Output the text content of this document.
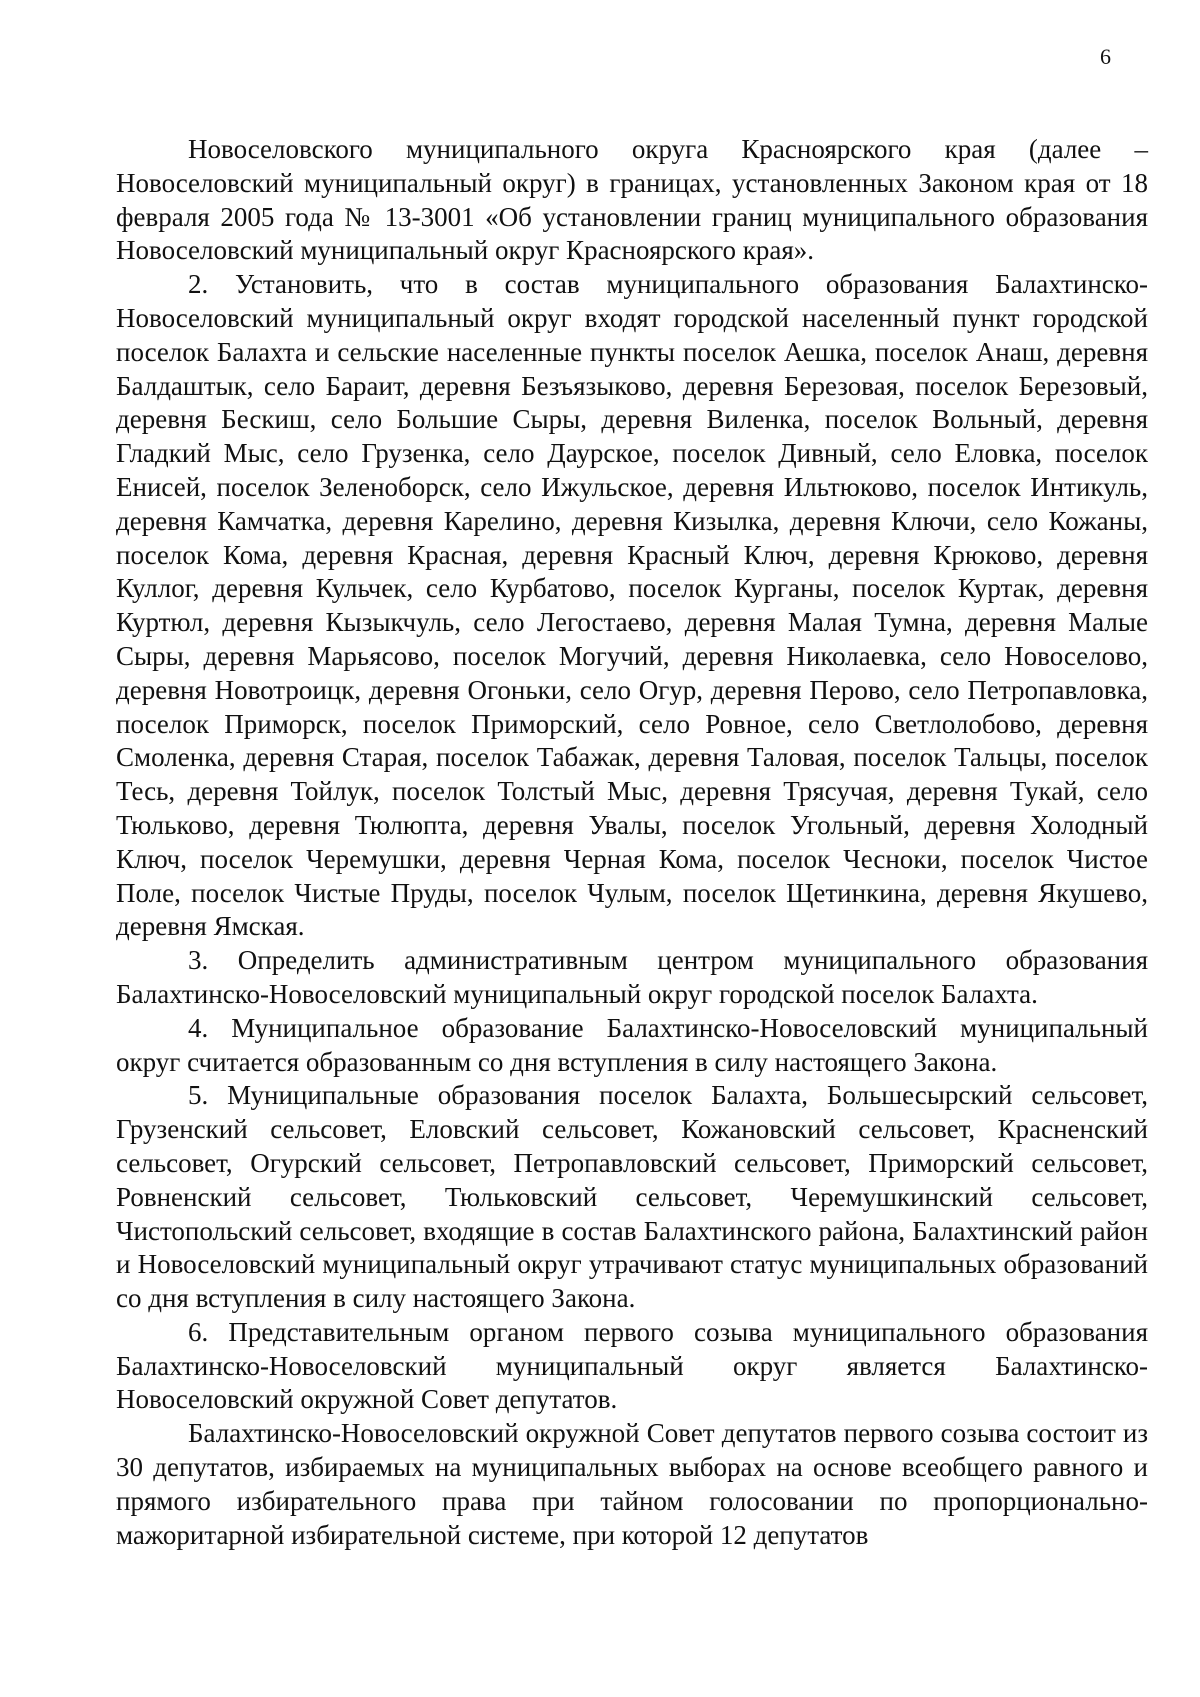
6

Новоселовского муниципального округа Красноярского края (далее – Новоселовский муниципальный округ) в границах, установленных Законом края от 18 февраля 2005 года № 13-3001 «Об установлении границ муниципального образования Новоселовский муниципальный округ Красноярского края».

2. Установить, что в состав муниципального образования Балахтинско-Новоселовский муниципальный округ входят городской населенный пункт городской поселок Балахта и сельские населенные пункты поселок Аешка, поселок Анаш, деревня Балдаштык, село Бараит, деревня Безъязыково, деревня Березовая, поселок Березовый, деревня Бескиш, село Большие Сыры, деревня Виленка, поселок Вольный, деревня Гладкий Мыс, село Грузенка, село Даурское, поселок Дивный, село Еловка, поселок Енисей, поселок Зеленоборск, село Ижульское, деревня Ильтюково, поселок Интикуль, деревня Камчатка, деревня Карелино, деревня Кизылка, деревня Ключи, село Кожаны, поселок Кома, деревня Красная, деревня Красный Ключ, деревня Крюково, деревня Куллог, деревня Кульчек, село Курбатово, поселок Курганы, поселок Куртак, деревня Куртюл, деревня Кызыкчуль, село Легостаево, деревня Малая Тумна, деревня Малые Сыры, деревня Марьясово, поселок Могучий, деревня Николаевка, село Новоселово, деревня Новотроицк, деревня Огоньки, село Огур, деревня Перово, село Петропавловка, поселок Приморск, поселок Приморский, село Ровное, село Светлолобово, деревня Смоленка, деревня Старая, поселок Табажак, деревня Таловая, поселок Тальцы, поселок Тесь, деревня Тойлук, поселок Толстый Мыс, деревня Трясучая, деревня Тукай, село Тюльково, деревня Тюлюпта, деревня Увалы, поселок Угольный, деревня Холодный Ключ, поселок Черемушки, деревня Черная Кома, поселок Чесноки, поселок Чистое Поле, поселок Чистые Пруды, поселок Чулым, поселок Щетинкина, деревня Якушево, деревня Ямская.

3. Определить административным центром муниципального образования Балахтинско-Новоселовский муниципальный округ городской поселок Балахта.

4. Муниципальное образование Балахтинско-Новоселовский муниципальный округ считается образованным со дня вступления в силу настоящего Закона.

5. Муниципальные образования поселок Балахта, Большесырский сельсовет, Грузенский сельсовет, Еловский сельсовет, Кожановский сельсовет, Красненский сельсовет, Огурский сельсовет, Петропавловский сельсовет, Приморский сельсовет, Ровненский сельсовет, Тюльковский сельсовет, Черемушкинский сельсовет, Чистопольский сельсовет, входящие в состав Балахтинского района, Балахтинский район и Новоселовский муниципальный округ утрачивают статус муниципальных образований со дня вступления в силу настоящего Закона.

6. Представительным органом первого созыва муниципального образования Балахтинско-Новоселовский муниципальный округ является Балахтинско-Новоселовский окружной Совет депутатов.

Балахтинско-Новоселовский окружной Совет депутатов первого созыва состоит из 30 депутатов, избираемых на муниципальных выборах на основе всеобщего равного и прямого избирательного права при тайном голосовании по пропорционально-мажоритарной избирательной системе, при которой 12 депутатов
